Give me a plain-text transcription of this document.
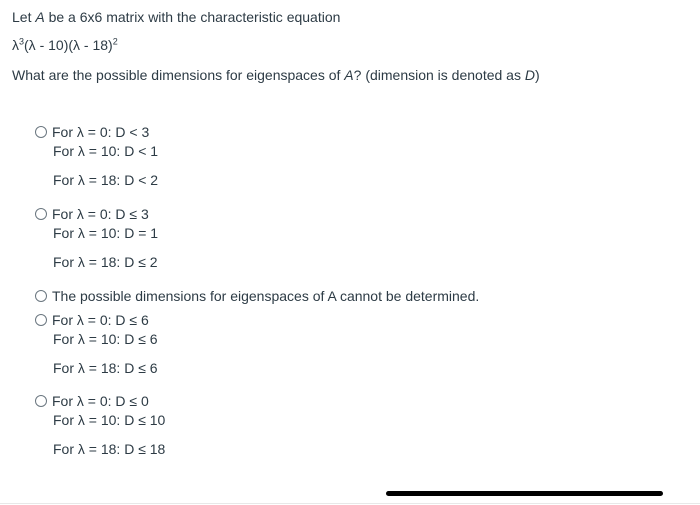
Let A be a 6x6 matrix with the characteristic equation
$\lambda^3(\lambda - 10)(\lambda - 18)^2$
What are the possible dimensions for eigenspaces of A? (dimension is denoted as D)
For λ = 0: D < 3
For λ = 10: D < 1
For λ = 18: D < 2
For λ = 0: D ≤ 3
For λ = 10: D = 1
For λ = 18: D ≤ 2
The possible dimensions for eigenspaces of A cannot be determined.
For λ = 0: D ≤ 6
For λ = 10: D ≤ 6
For λ = 18: D ≤ 6
For λ = 0: D ≤ 0
For λ = 10: D ≤ 10
For λ = 18: D ≤ 18
